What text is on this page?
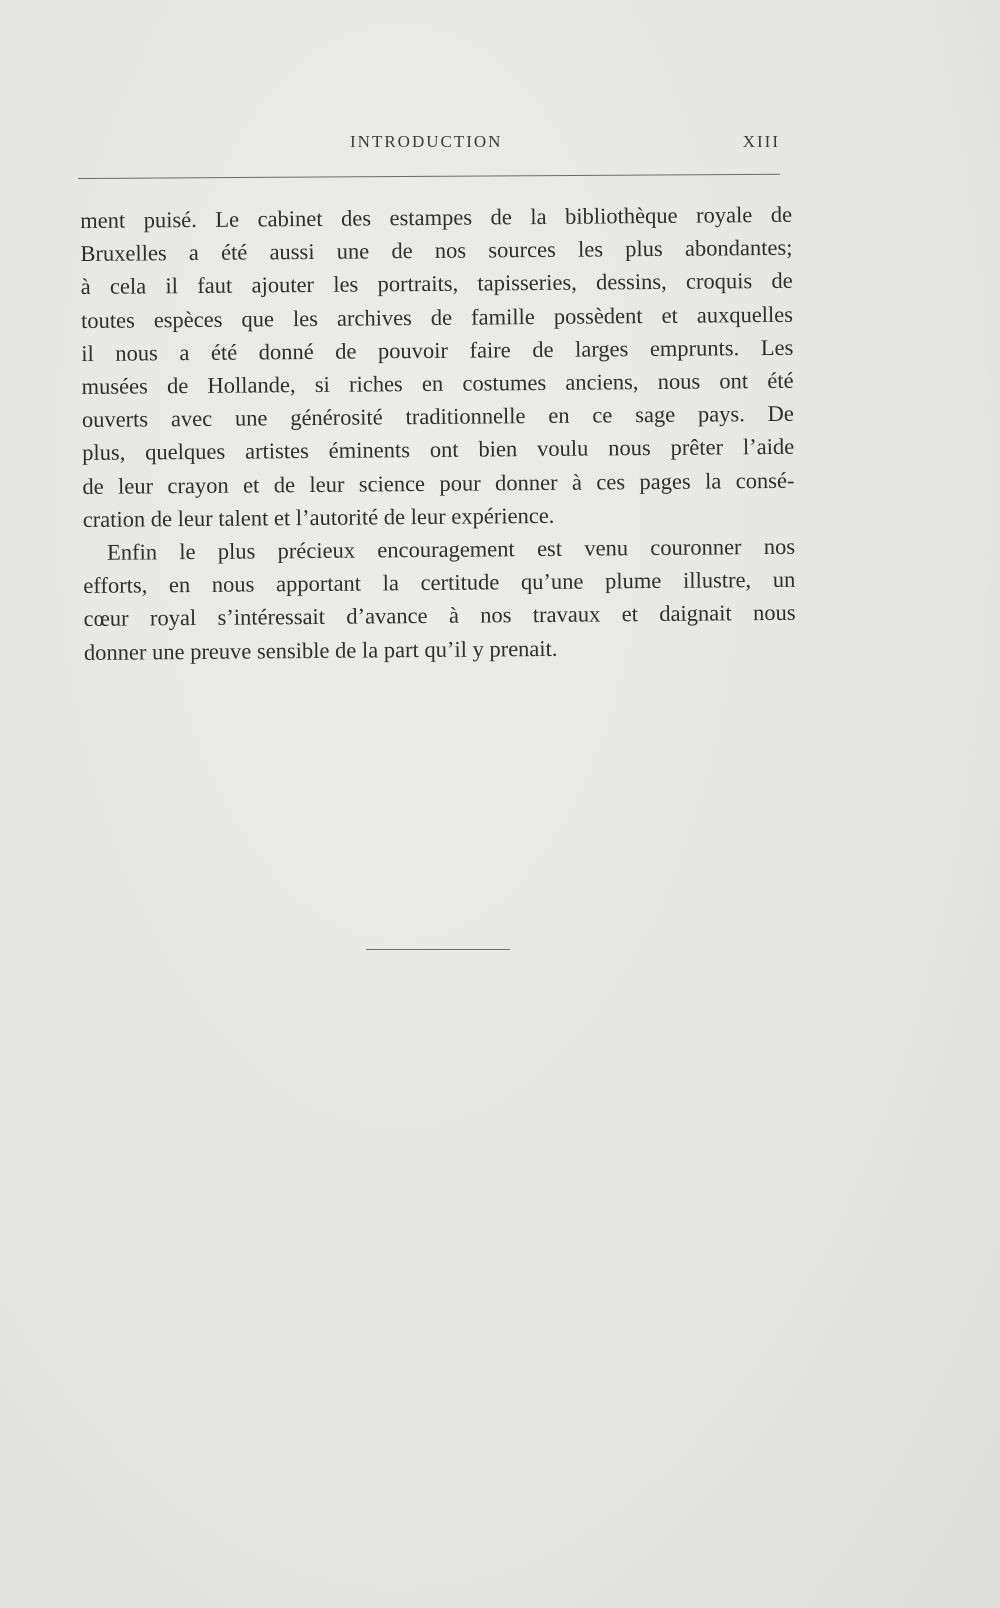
INTRODUCTION	XIII

ment puisé. Le cabinet des estampes de la bibliothèque royale de
Bruxelles a été aussi une de nos sources les plus abondantes;
à cela il faut ajouter les portraits, tapisseries, dessins, croquis de
toutes espèces que les archives de famille possèdent et auxquelles
il nous a été donné de pouvoir faire de larges emprunts. Les
musées de Hollande, si riches en costumes anciens, nous ont été
ouverts avec une générosité traditionnelle en ce sage pays. De
plus, quelques artistes éminents ont bien voulu nous prêter l’aide
de leur crayon et de leur science pour donner à ces pages la consé-
cration de leur talent et l’autorité de leur expérience.

Enfin le plus précieux encouragement est venu couronner nos
efforts, en nous apportant la certitude qu’une plume illustre, un
cœur royal s’intéressait d’avance à nos travaux et daignait nous
donner une preuve sensible de la part qu’il y prenait.
